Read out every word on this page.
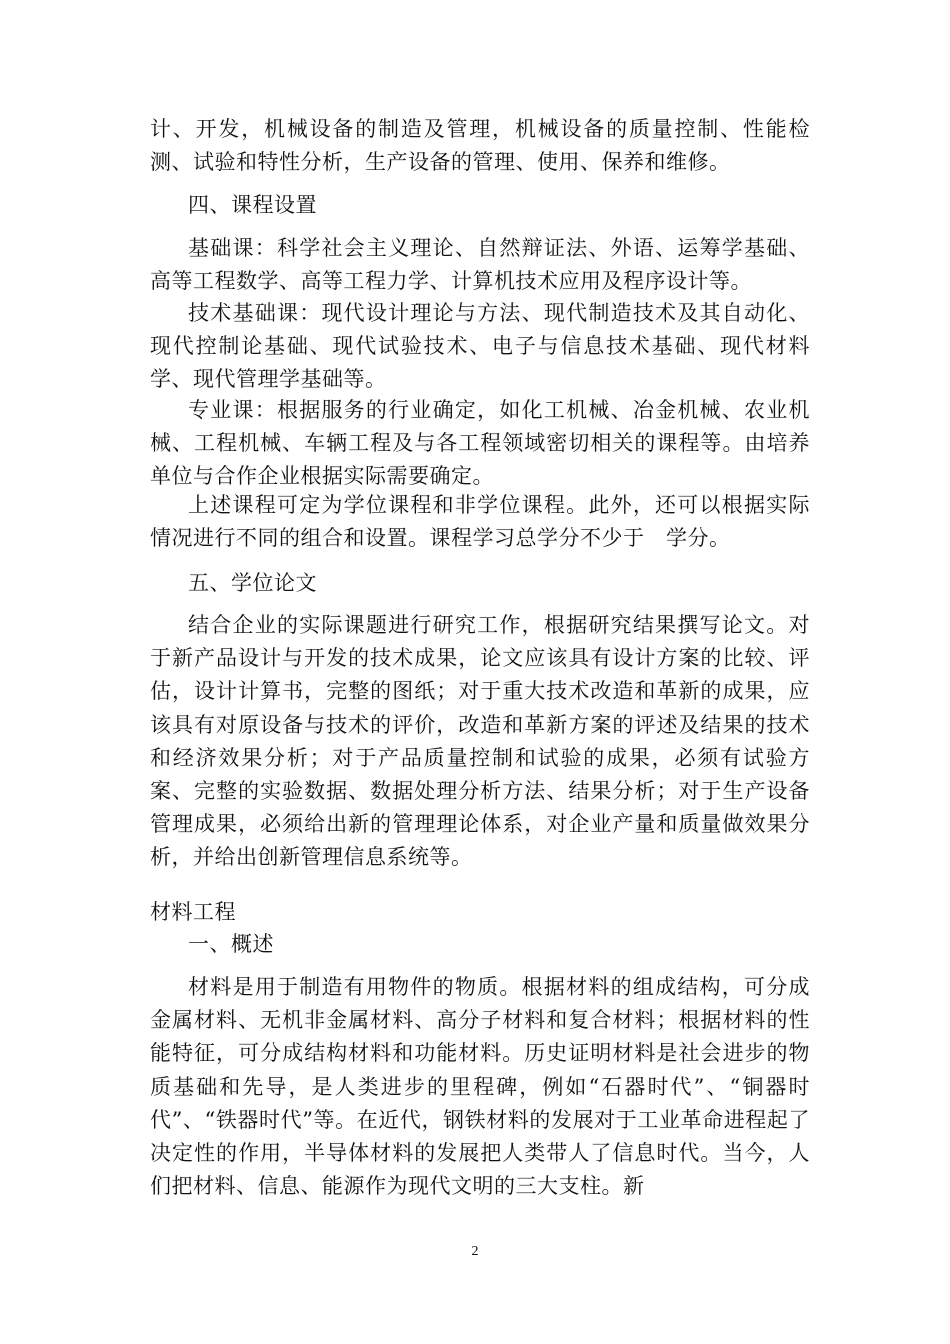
计、开发，机械设备的制造及管理，机械设备的质量控制、性能检测、试验和特性分析，生产设备的管理、使用、保养和维修。

四、课程设置

基础课：科学社会主义理论、自然辩证法、外语、运筹学基础、高等工程数学、高等工程力学、计算机技术应用及程序设计等。

技术基础课：现代设计理论与方法、现代制造技术及其自动化、现代控制论基础、现代试验技术、电子与信息技术基础、现代材料学、现代管理学基础等。

专业课：根据服务的行业确定，如化工机械、冶金机械、农业机械、工程机械、车辆工程及与各工程领域密切相关的课程等。由培养单位与合作企业根据实际需要确定。

上述课程可定为学位课程和非学位课程。此外，还可以根据实际情况进行不同的组合和设置。课程学习总学分不少于　学分。

五、学位论文

结合企业的实际课题进行研究工作，根据研究结果撰写论文。对于新产品设计与开发的技术成果，论文应该具有设计方案的比较、评估，设计计算书，完整的图纸；对于重大技术改造和革新的成果，应该具有对原设备与技术的评价，改造和革新方案的评述及结果的技术和经济效果分析；对于产品质量控制和试验的成果，必须有试验方案、完整的实验数据、数据处理分析方法、结果分析；对于生产设备管理成果，必须给出新的管理理论体系，对企业产量和质量做效果分析，并给出创新管理信息系统等。

材料工程

一、概述

材料是用于制造有用物件的物质。根据材料的组成结构，可分成金属材料、无机非金属材料、高分子材料和复合材料；根据材料的性能特征，可分成结构材料和功能材料。历史证明材料是社会进步的物质基础和先导，是人类进步的里程碑，例如“石器时代”、“铜器时代”、“铁器时代”等。在近代，钢铁材料的发展对于工业革命进程起了决定性的作用，半导体材料的发展把人类带人了信息时代。当今，人们把材料、信息、能源作为现代文明的三大支柱。新

2
